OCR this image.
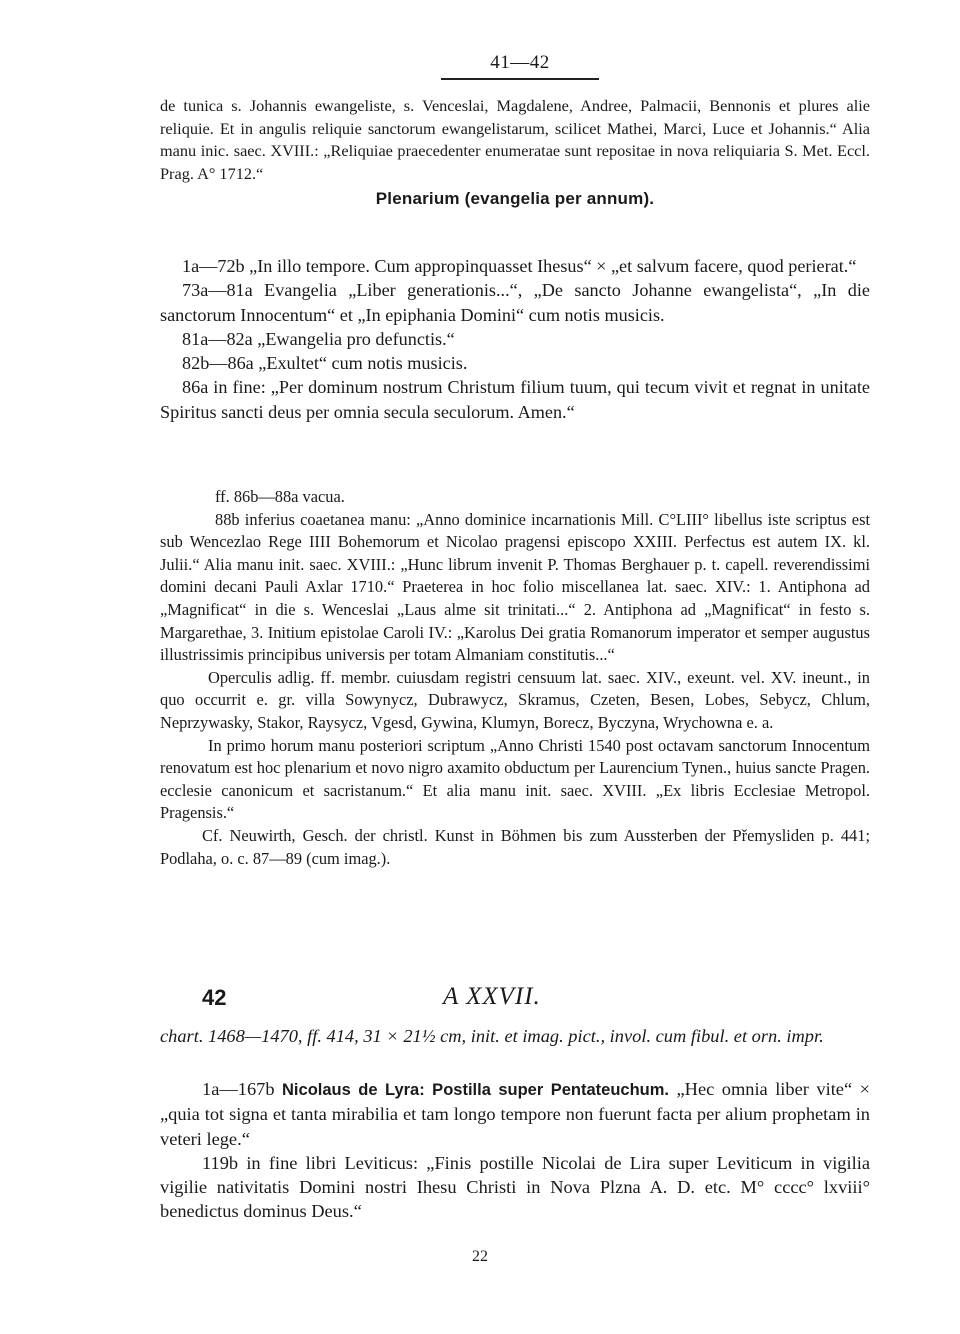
41—42

de tunica s. Johannis ewangeliste, s. Venceslai, Magdalene, Andree, Palmacii, Bennonis et plures alie reliquie. Et in angulis reliquie sanctorum ewangelistarum, scilicet Mathei, Marci, Luce et Johannis.“ Alia manu inic. saec. XVIII.: „Reliquiae praecedenter enumeratae sunt repositae in nova reliquiaria S. Met. Eccl. Prag. A° 1712.“

Plenarium (evangelia per annum).

1a—72b „In illo tempore. Cum appropinquasset Ihesus“ × „et salvum facere, quod perierat.“

73a—81a Evangelia „Liber generationis...“, „De sancto Johanne ewangelista“, „In die sanctorum Innocentum“ et „In epiphania Domini“ cum notis musicis.

81a—82a „Ewangelia pro defunctis.“

82b—86a „Exultet“ cum notis musicis.

86a in fine: „Per dominum nostrum Christum filium tuum, qui tecum vivit et regnat in unitate Spiritus sancti deus per omnia secula seculorum. Amen.“

ff. 86b—88a vacua.

88b inferius coaetanea manu: „Anno dominice incarnationis Mill. C°LIII° libellus iste scriptus est sub Wencezlao Rege IIII Bohemorum et Nicolao pragensi episcopo XXIII. Perfectus est autem IX. kl. Julii.“ Alia manu init. saec. XVIII.: „Hunc librum invenit P. Thomas Berghauer p. t. capell. reverendissimi domini decani Pauli Axlar 1710.“ Praeterea in hoc folio miscellanea lat. saec. XIV.: 1. Antiphona ad „Magnificat“ in die s. Wenceslai „Laus alme sit trinitati...“ 2. Antiphona ad „Magnificat“ in festo s. Margarethae, 3. Initium epistolae Caroli IV.: „Karolus Dei gratia Romanorum imperator et semper augustus illustrissimis principibus universis per totam Almaniam constitutis...“

Operculis adlig. ff. membr. cuiusdam registri censuum lat. saec. XIV., exeunt. vel. XV. ineunt., in quo occurrit e. gr. villa Sowynycz, Dubrawycz, Skramus, Czeten, Besen, Lobes, Sebycz, Chlum, Neprzywasky, Stakor, Raysycz, Vgesd, Gywina, Klumyn, Borecz, Byczyna, Wrychowna e. a.

In primo horum manu posteriori scriptum „Anno Christi 1540 post octavam sanctorum Innocentum renovatum est hoc plenarium et novo nigro axamito obductum per Laurencium Tynen., huius sancte Pragen. ecclesie canonicum et sacristanum.“ Et alia manu init. saec. XVIII. „Ex libris Ecclesiae Metropol. Pragensis.“

Cf. Neuwirth, Gesch. der christl. Kunst in Böhmen bis zum Aussterben der Přemysliden p. 441; Podlaha, o. c. 87—89 (cum imag.).

42	A XXVII.

chart. 1468—1470, ff. 414, 31 × 21½ cm, init. et imag. pict., invol. cum fibul. et orn. impr.

1a—167b Nicolaus de Lyra: Postilla super Pentateuchum. „Hec omnia liber vite“ × „quia tot signa et tanta mirabilia et tam longo tempore non fuerunt facta per alium prophetam in veteri lege.“

119b in fine libri Leviticus: „Finis postille Nicolai de Lira super Leviticum in vigilia vigilie nativitatis Domini nostri Ihesu Christi in Nova Plzna A. D. etc. M° cccc° lxviii° benedictus dominus Deus.“

22
